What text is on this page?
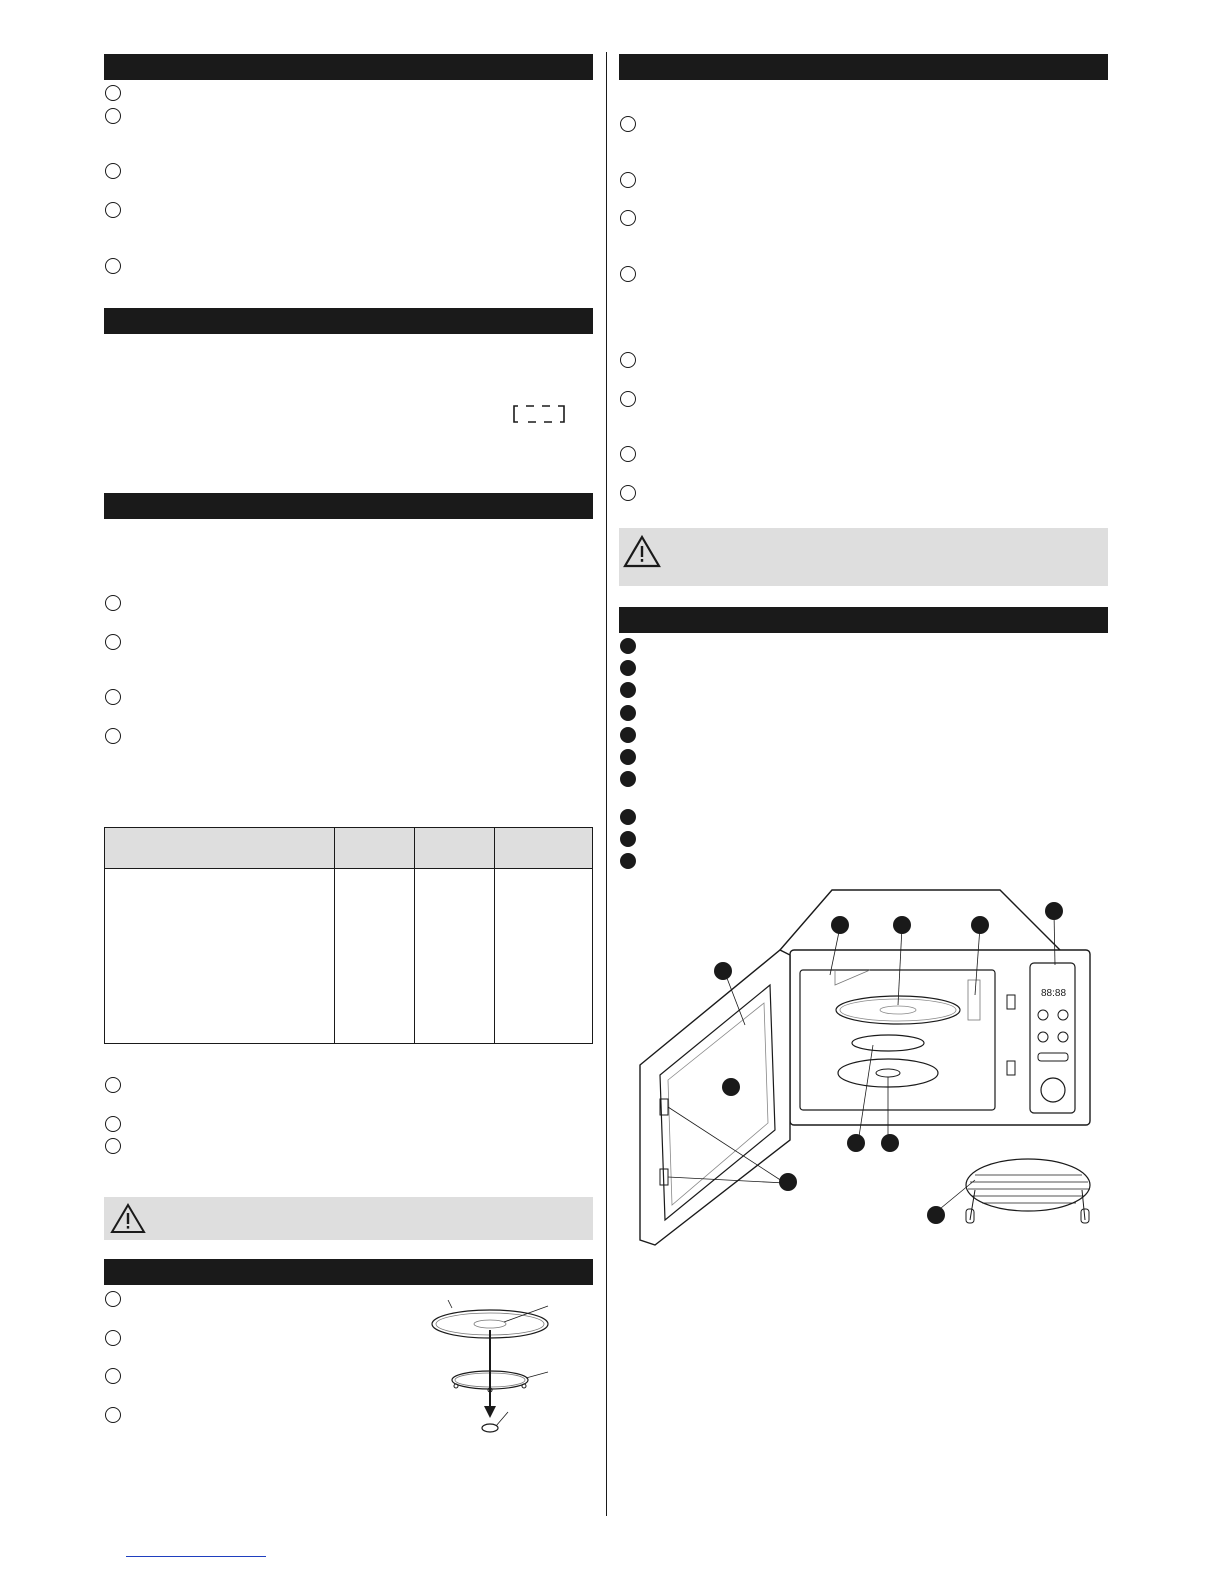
88:88
